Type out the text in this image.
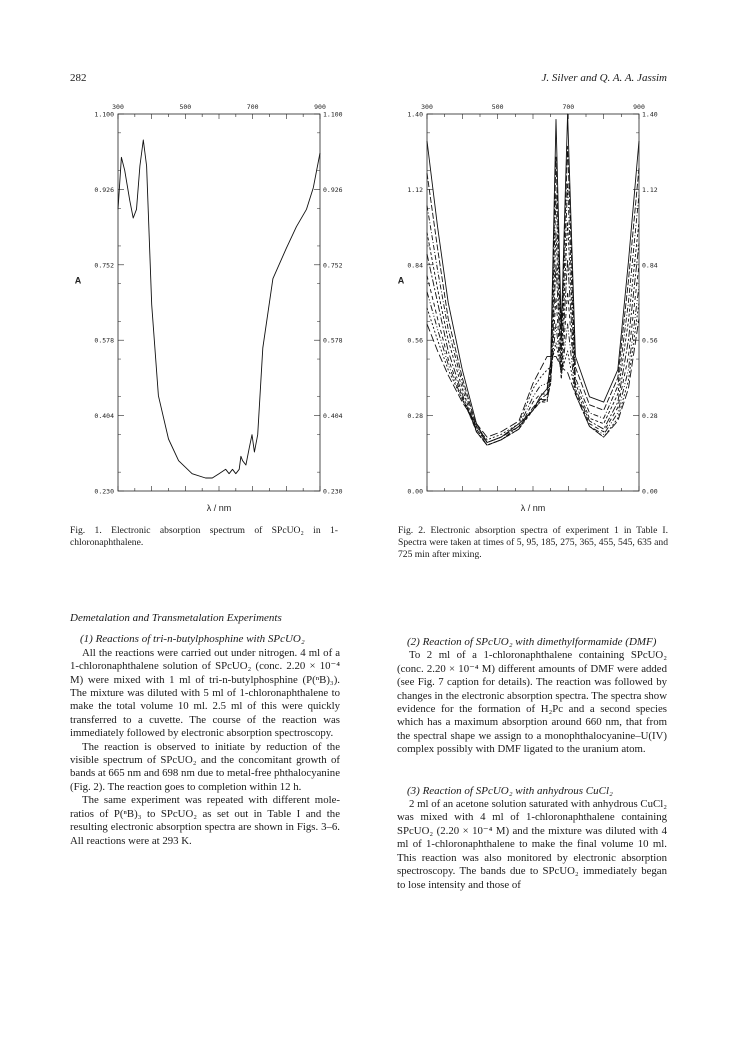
282	J. Silver and Q. A. A. Jassim
300	500	700	900
1.100	1.100
0.926	0.926
0.752	0.752
0.578	0.578
0.404	0.404
0.230	0.230
A
λ / nm
Fig. 1. Electronic absorption spectrum of SPcUO₂ in 1-chloronaphthalene.
300	500	700	900
1.40	1.40
1.12	1.12
0.84	0.84
0.56	0.56
0.28	0.28
0.00	0.00
A
λ / nm
Fig. 2. Electronic absorption spectra of experiment 1 in Table I. Spectra were taken at times of 5, 95, 185, 275, 365, 455, 545, 635 and 725 min after mixing.
Demetalation and Transmetalation Experiments
(1) Reactions of tri-n-butylphosphine with SPcUO₂

All the reactions were carried out under nitrogen. 4 ml of a 1-chloronaphthalene solution of SPcUO₂ (conc. 2.20 × 10⁻⁴ M) were mixed with 1 ml of tri-n-butylphosphine (P(ⁿB)₃). The mixture was diluted with 5 ml of 1-chloronaphthalene to make the total volume 10 ml. 2.5 ml of this were quickly transferred to a cuvette. The course of the reaction was immediately followed by electronic absorption spectroscopy.

The reaction is observed to initiate by reduction of the visible spectrum of SPcUO₂ and the concomitant growth of bands at 665 nm and 698 nm due to metal-free phthalocyanine (Fig. 2). The reaction goes to completion within 12 h.

The same experiment was repeated with different mole-ratios of P(ⁿB)₃ to SPcUO₂ as set out in Table I and the resulting electronic absorption spectra are shown in Figs. 3–6. All reactions were at 293 K.

(2) Reaction of SPcUO₂ with dimethylformamide (DMF)

To 2 ml of a 1-chloronaphthalene containing SPcUO₂ (conc. 2.20 × 10⁻⁴ M) different amounts of DMF were added (see Fig. 7 caption for details). The reaction was followed by changes in the electronic absorption spectra. The spectra show evidence for the formation of H₂Pc and a second species which has a maximum absorption around 660 nm, that from the spectral shape we assign to a monophthalocyanine–U(IV) complex possibly with DMF ligated to the uranium atom.

(3) Reaction of SPcUO₂ with anhydrous CuCl₂

2 ml of an acetone solution saturated with anhydrous CuCl₂ was mixed with 4 ml of 1-chloronaphthalene containing SPcUO₂ (2.20 × 10⁻⁴ M) and the mixture was diluted with 4 ml of 1-chloronaphthalene to make the final volume 10 ml. This reaction was also monitored by electronic absorption spectroscopy. The bands due to SPcUO₂ immediately began to lose intensity and those of
